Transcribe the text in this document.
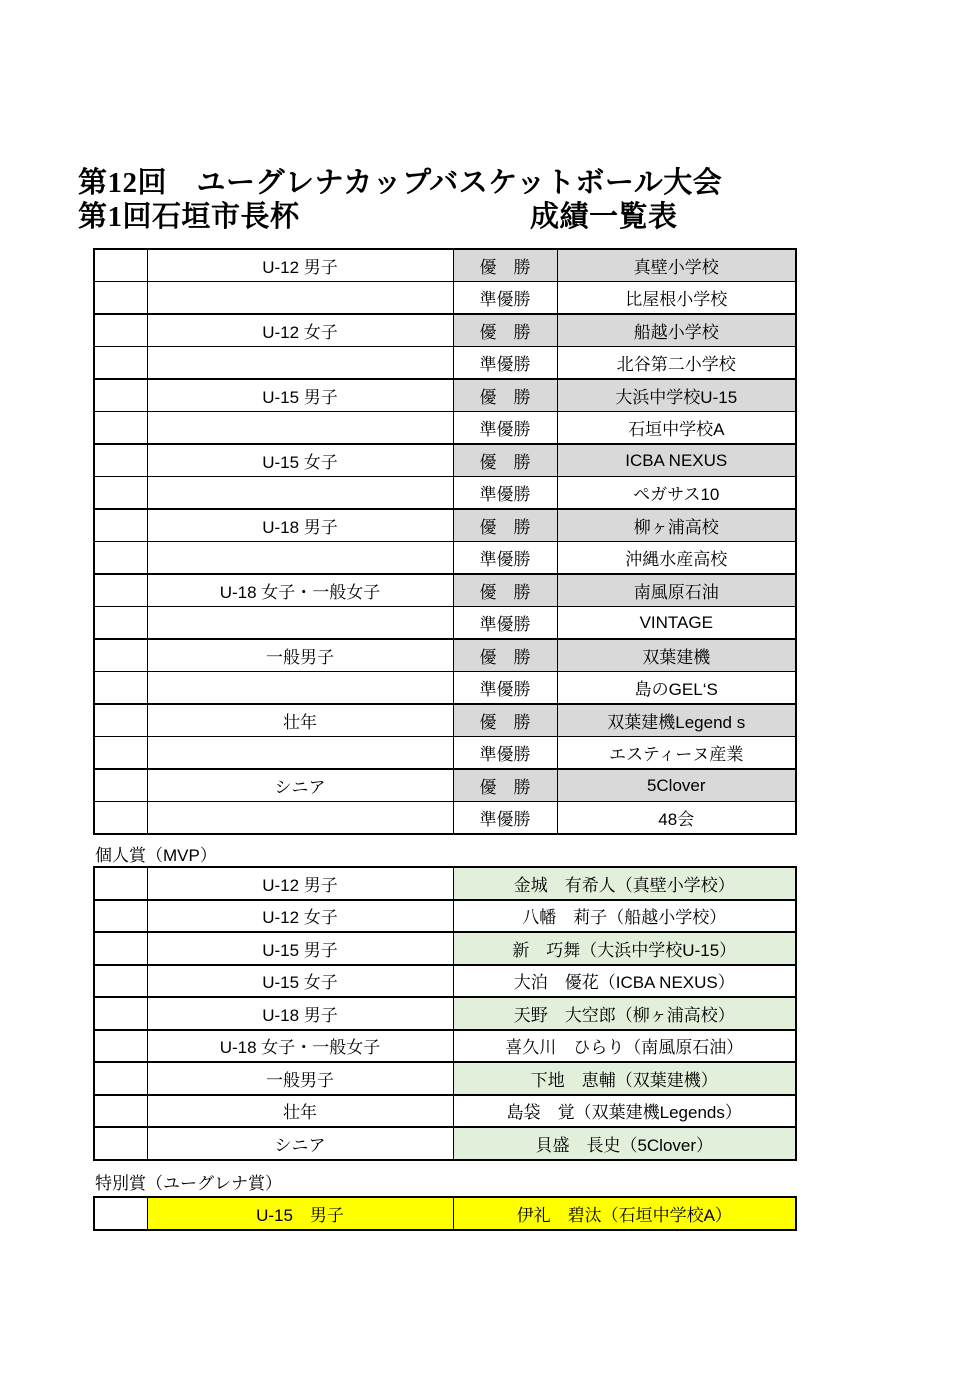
第12回　ユーグレナカップバスケットボール大会
第1回石垣市長杯	成績一覧表
	U-12 男子	優　勝	真壁小学校
		準優勝	比屋根小学校
	U-12 女子	優　勝	船越小学校
		準優勝	北谷第二小学校
	U-15 男子	優　勝	大浜中学校U-15
		準優勝	石垣中学校A
	U-15 女子	優　勝	ICBA NEXUS
		準優勝	ペガサス10
	U-18 男子	優　勝	柳ヶ浦高校
		準優勝	沖縄水産高校
	U-18 女子・一般女子	優　勝	南風原石油
		準優勝	VINTAGE
	一般男子	優　勝	双葉建機
		準優勝	島のGEL‘S
	壮年	優　勝	双葉建機Legend s
		準優勝	エスティーヌ産業
	シニア	優　勝	5Clover
		準優勝	48会
個人賞（MVP）
	U-12 男子	金城　有希人（真壁小学校）
	U-12 女子	八幡　莉子（船越小学校）
	U-15 男子	新　巧舞（大浜中学校U-15）
	U-15 女子	大泊　優花（ICBA NEXUS）
	U-18 男子	天野　大空郎（柳ヶ浦高校）
	U-18 女子・一般女子	喜久川　ひらり（南風原石油）
	一般男子	下地　恵輔（双葉建機）
	壮年	島袋　覚（双葉建機Legends）
	シニア	貝盛　長史（5Clover）
特別賞（ユーグレナ賞）
	U-15　男子	伊礼　碧汰（石垣中学校A）
